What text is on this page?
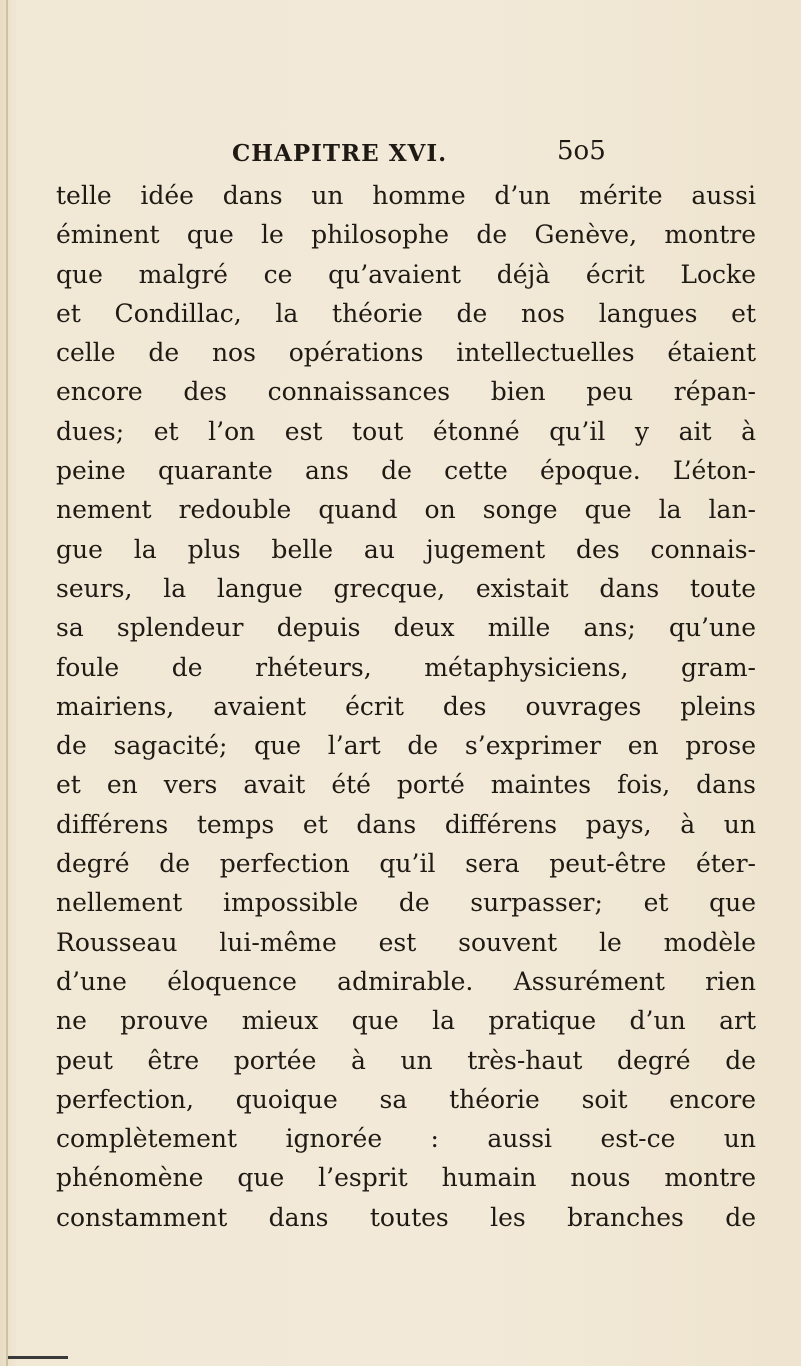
CHAPITRE XVI.	5o5
telle idée dans un homme d’un mérite aussi
éminent que le philosophe de Genève, montre
que malgré ce qu’avaient déjà écrit Locke
et Condillac, la théorie de nos langues et
celle de nos opérations intellectuelles étaient
encore des connaissances bien peu répan-
dues; et l’on est tout étonné qu’il y ait à
peine quarante ans de cette époque. L’éton-
nement redouble quand on songe que la lan-
gue la plus belle au jugement des connais-
seurs, la langue grecque, existait dans toute
sa splendeur depuis deux mille ans; qu’une
foule de rhéteurs, métaphysiciens, gram-
mairiens, avaient écrit des ouvrages pleins
de sagacité; que l’art de s’exprimer en prose
et en vers avait été porté maintes fois, dans
différens temps et dans différens pays, à un
degré de perfection qu’il sera peut-être éter-
nellement impossible de surpasser; et que
Rousseau lui-même est souvent le modèle
d’une éloquence admirable. Assurément rien
ne prouve mieux que la pratique d’un art
peut être portée à un très-haut degré de
perfection, quoique sa théorie soit encore
complètement ignorée : aussi est-ce un
phénomène que l’esprit humain nous montre
constamment dans toutes les branches de
